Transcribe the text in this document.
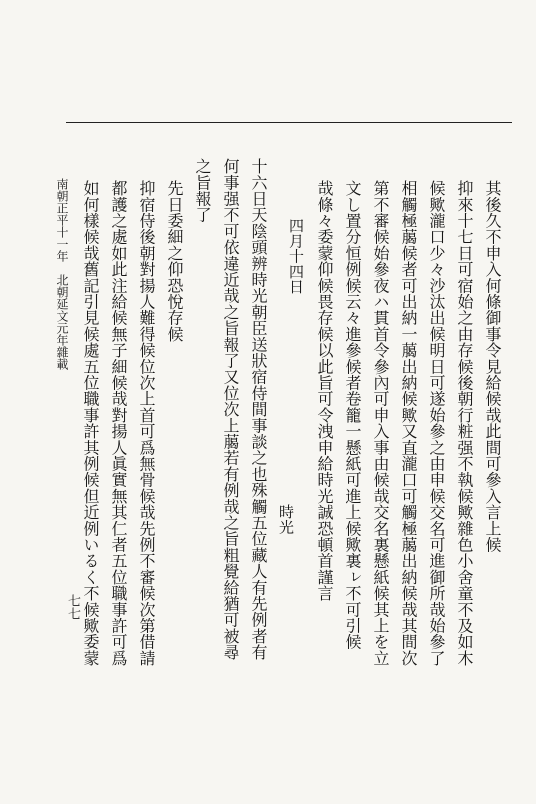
其後久不申入何條御事令見給候哉此間可參入言上候
抑來十七日可宿始之由存候後朝行粧强不執候歟雜色小舍童不及如木
候歟瀧口少々沙汰出候明日可遂始參之由申候交名可進御所哉始參了
相觸極﨟候者可出納一﨟出納候歟又直瀧口可觸極﨟出納候哉其間次
第不審候始參夜ハ貫首令參內可申入事由候哉交名裏懸紙候其上を立
文し置分恒例候云々進參候者卷籠一懸紙可進上候歟裏ㇾ不可引候
哉條々委蒙仰候畏存候以此旨可令洩申給時光誠恐頓首謹言
四月十四日
時光
十六日天陰頭辨時光朝臣送狀宿侍間事談之也殊觸五位藏人有先例者有
何事强不可依違近哉之旨報了又位次上﨟若有例哉之旨粗覺給猶可被尋
之旨報了
先日委細之仰恐悅存候
抑宿侍後朝對揚人難得候位次上首可爲無骨候哉先例不審候次第借請
都護之處如此注給候無子細候哉對揚人眞實無其仁者五位職事許可爲
如何樣候哉舊記引見候處五位職事許其例候但近例いるく不候歟委蒙
南朝正平十一年　北朝延文元年雜載
七七
